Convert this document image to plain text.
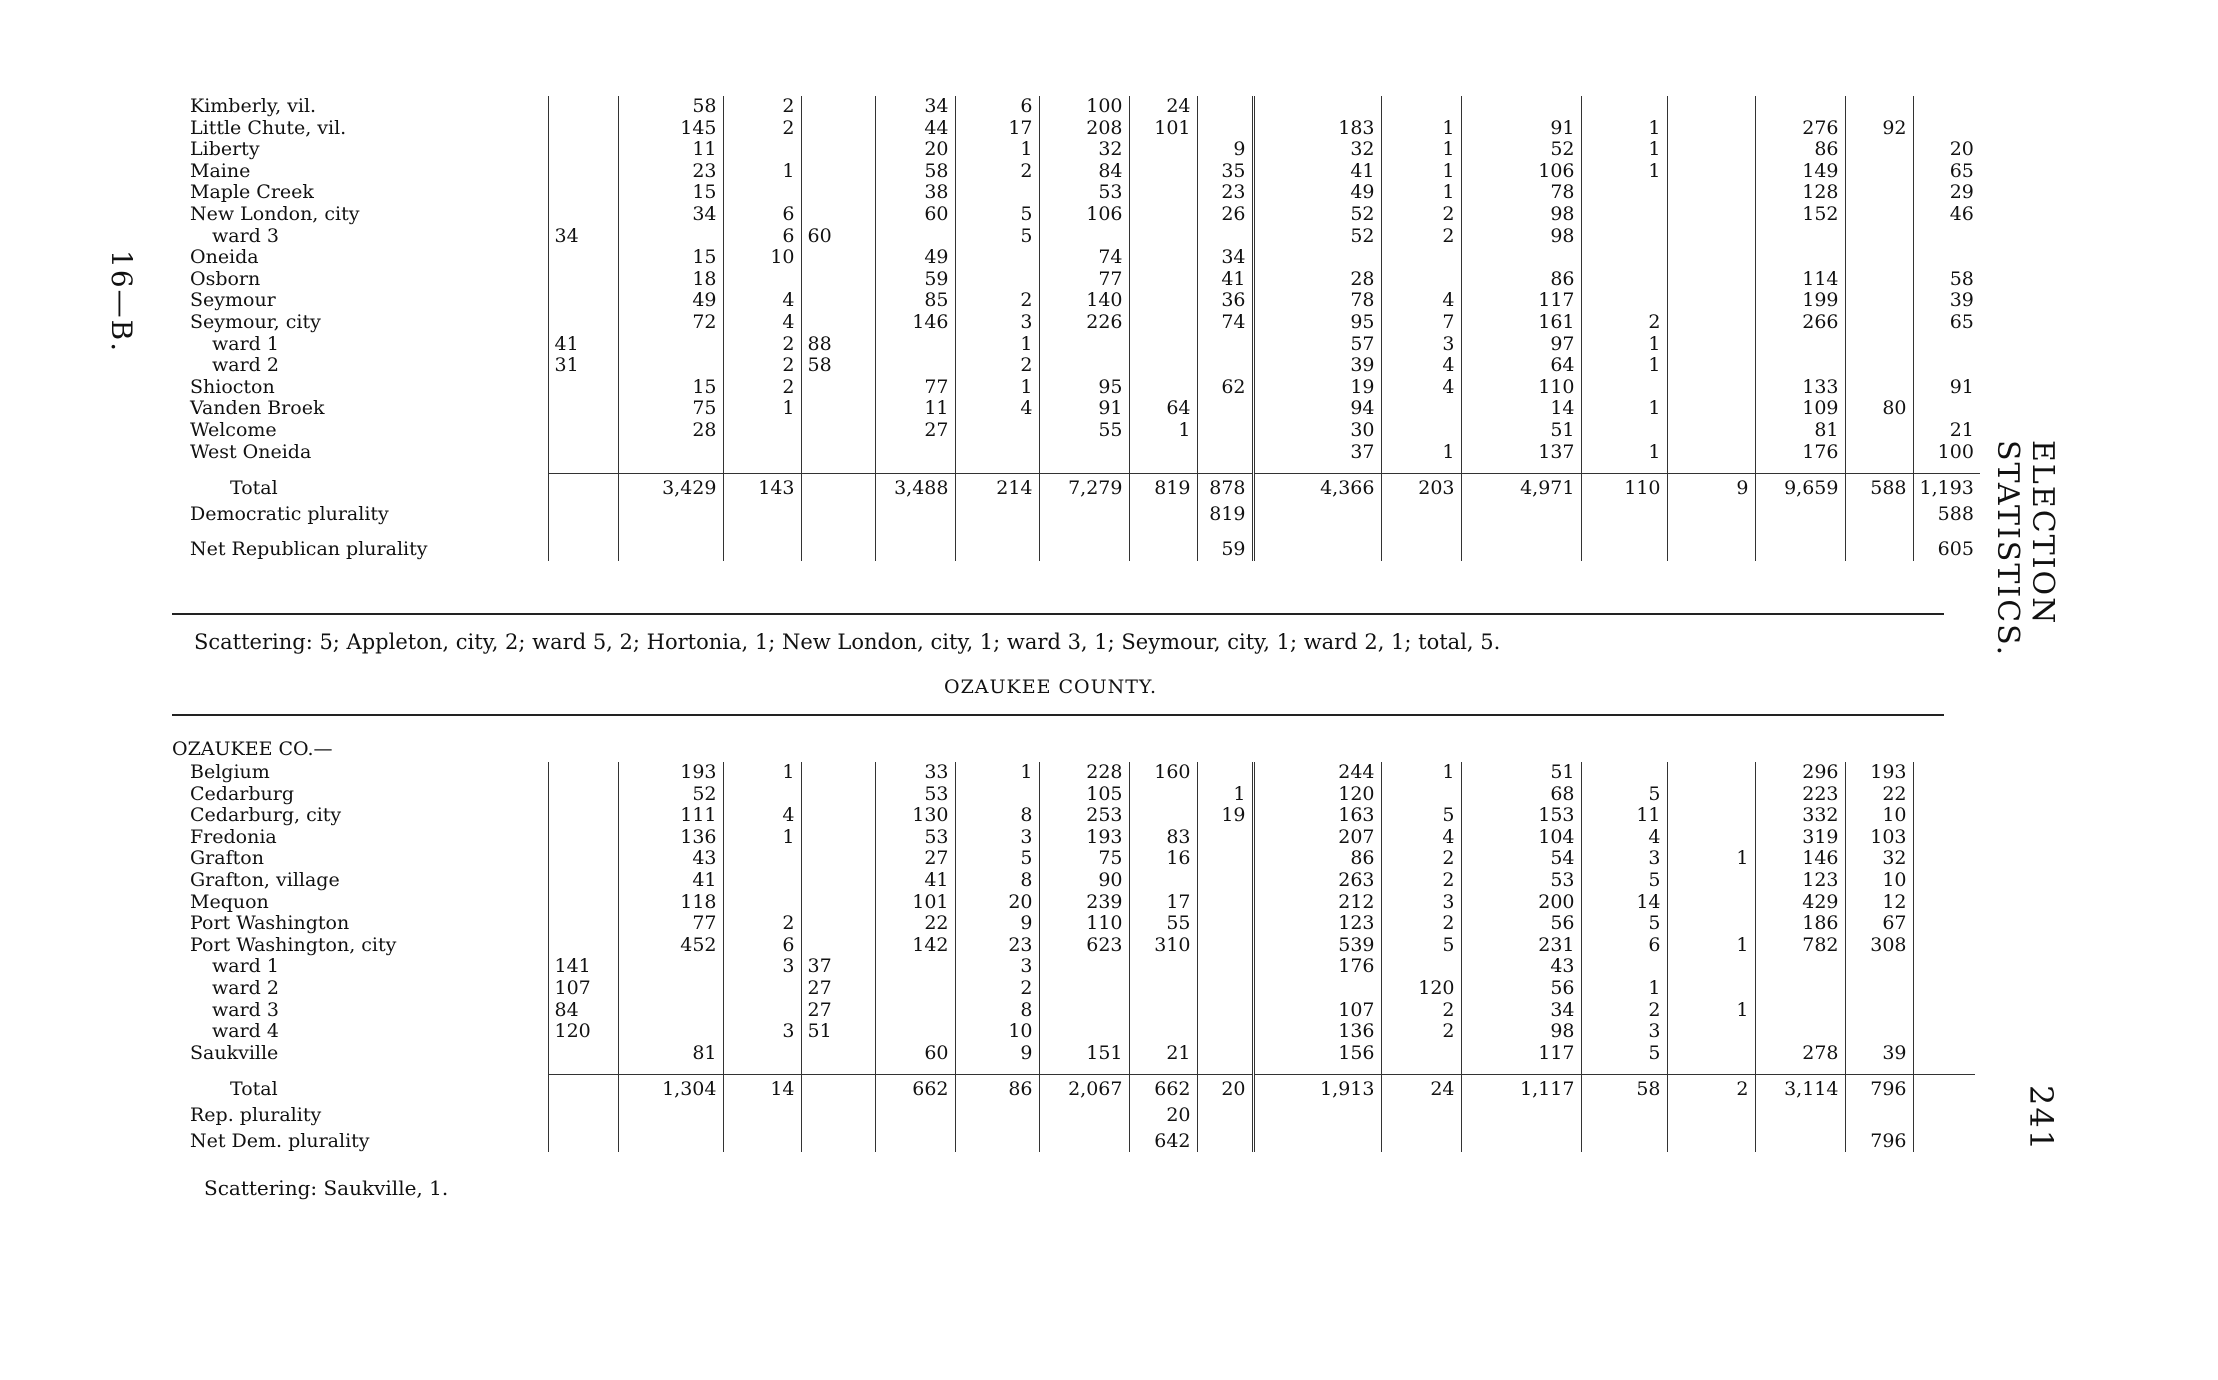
16—B.
ELECTION STATISTICS.
241
Kimberly, vil.		58	2		34	6	100	24									
Little Chute, vil.		145	2		44	17	208	101		183	1	91	1		276	92	
Liberty		11			20	1	32		9	32	1	52	1		86		20
Maine		23	1		58	2	84		35	41	1	106	1		149		65
Maple Creek		15			38		53		23	49	1	78			128		29
New London, city		34	6		60	5	106		26	52	2	98			152		46
ward 3	34		6	60		5				52	2	98					
Oneida		15	10		49		74		34								
Osborn		18			59		77		41	28		86			114		58
Seymour		49	4		85	2	140		36	78	4	117			199		39
Seymour, city		72	4		146	3	226		74	95	7	161	2		266		65
ward 1	41		2	88		1				57	3	97	1				
ward 2	31		2	58		2				39	4	64	1				
Shiocton		15	2		77	1	95		62	19	4	110			133		91
Vanden Broek		75	1		11	4	91	64		94		14	1		109	80	
Welcome		28			27		55	1		30		51			81		21
West Oneida										37	1	137	1		176		100

Total		3,429	143		3,488	214	7,279	819	878	4,366	203	4,971	110	9	9,659	588	1,193
Democratic plurality									819								588

Net Republican plurality									59								605
Scattering: 5; Appleton, city, 2; ward 5, 2; Hortonia, 1; New London, city, 1; ward 3, 1; Seymour, city, 1; ward 2, 1; total, 5.
OZAUKEE COUNTY.
OZAUKEE CO.—
Belgium		193	1		33	1	228	160		244	1	51			296	193	
Cedarburg		52			53		105		1	120		68	5		223	22	
Cedarburg, city		111	4		130	8	253		19	163	5	153	11		332	10	
Fredonia		136	1		53	3	193	83		207	4	104	4		319	103	
Grafton		43			27	5	75	16		86	2	54	3	1	146	32	
Grafton, village		41			41	8	90			263	2	53	5		123	10	
Mequon		118			101	20	239	17		212	3	200	14		429	12	
Port Washington		77	2		22	9	110	55		123	2	56	5		186	67	
Port Washington, city		452	6		142	23	623	310		539	5	231	6	1	782	308	
ward 1	141		3	37		3				176		43					
ward 2	107			27		2					120	56	1				
ward 3	84			27		8				107	2	34	2	1			
ward 4	120		3	51		10				136	2	98	3				
Saukville		81			60	9	151	21		156		117	5		278	39	

Total		1,304	14		662	86	2,067	662	20	1,913	24	1,117	58	2	3,114	796	
Rep. plurality								20									
Net Dem. plurality								642								796	
Scattering: Saukville, 1.
